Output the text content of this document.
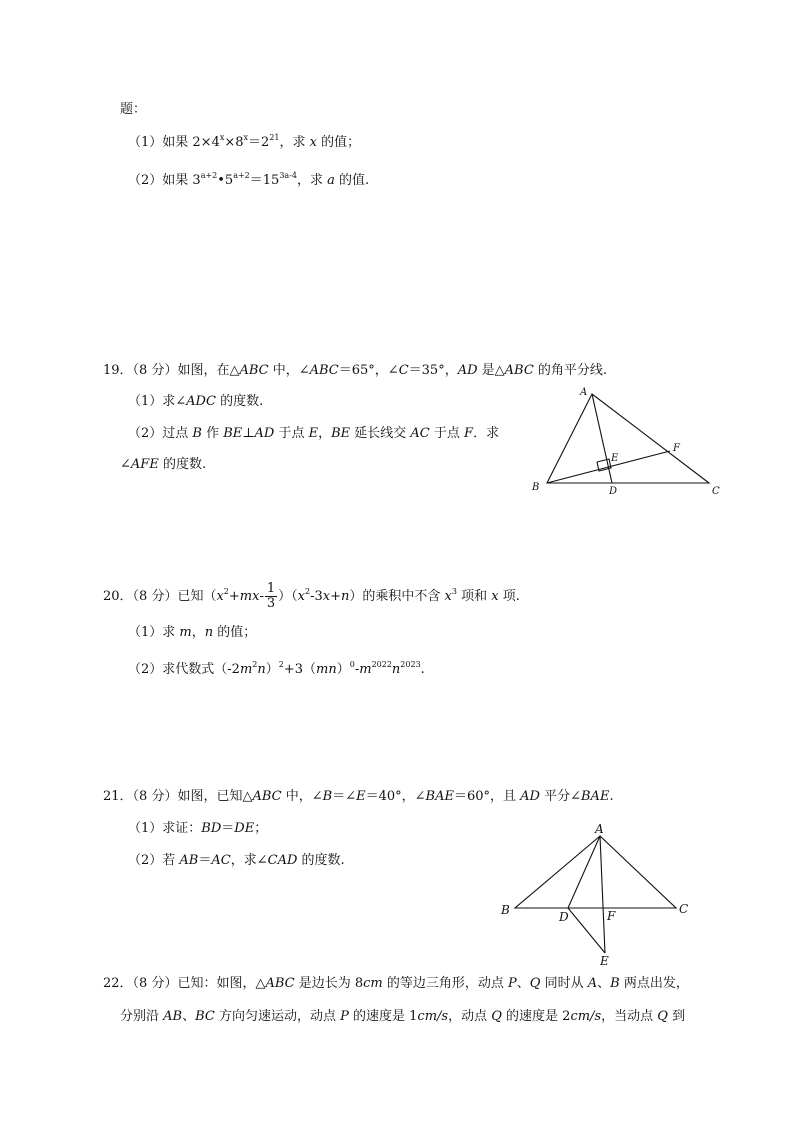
题：
（1）如果 $2\times 4^x\times 8^x=2^{21}$，求 x 的值；
（2）如果 $3^{a+2}•5^{a+2}=15^{3a-4}$，求 a 的值.
19．（8 分）如图，在△ABC 中，∠ABC＝65°，∠C＝35°，AD 是△ABC 的角平分线.
（1）求∠ADC 的度数.
（2）过点 B 作 BE⊥AD 于点 E，BE 延长线交 AC 于点 F．求
∠AFE 的度数.
A
B	C
D
E
F
20．（8 分）已知$(x^2+mx- \frac{1}{3} )(x^2-3x+n)$的乘积中不含 $x^3$ 项和 x 项.
（1）求 m，n 的值；
（2）求代数式$(-2m^2n)^2+3(mn)^0-m^{2022}n^{2023}$.
21．（8 分）如图，已知△ABC 中，∠B＝∠E＝40°，∠BAE＝60°，且 AD 平分∠BAE.
（1）求证：BD＝DE；
（2）若 AB＝AC，求∠CAD 的度数.
A
B	C
D
E
F
22．（8 分）已知：如图，△ABC 是边长为 8cm 的等边三角形，动点 P、Q 同时从 A、B 两点出发，
分别沿 AB、BC 方向匀速运动，动点 P 的速度是 1cm/s，动点 Q 的速度是 2cm/s，当动点 Q 到
